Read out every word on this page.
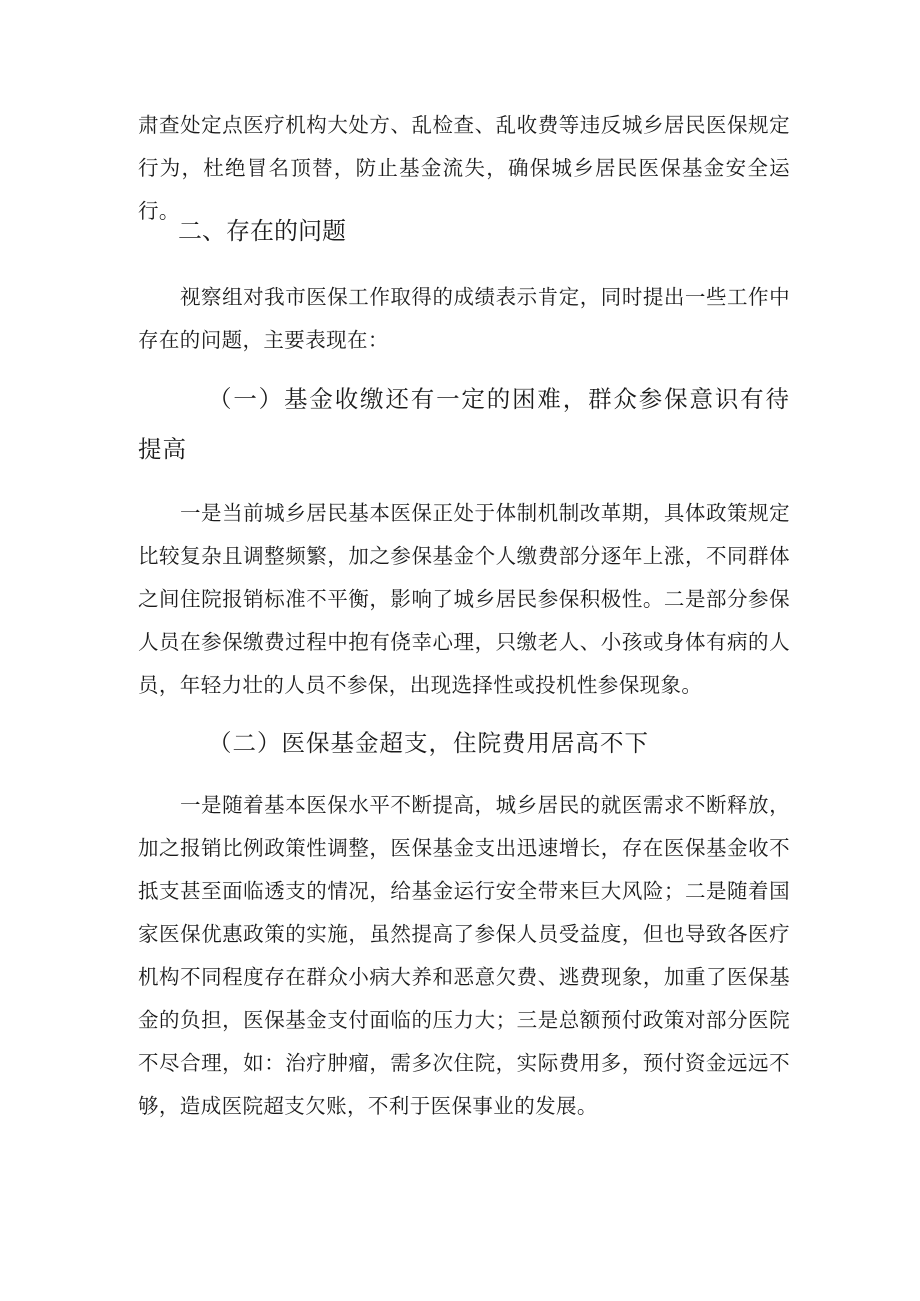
肃查处定点医疗机构大处方、乱检查、乱收费等违反城乡居民医保规定行为，杜绝冒名顶替，防止基金流失，确保城乡居民医保基金安全运行。

二、存在的问题

视察组对我市医保工作取得的成绩表示肯定，同时提出一些工作中存在的问题，主要表现在：

（一）基金收缴还有一定的困难，群众参保意识有待提高

一是当前城乡居民基本医保正处于体制机制改革期，具体政策规定比较复杂且调整频繁，加之参保基金个人缴费部分逐年上涨，不同群体之间住院报销标准不平衡，影响了城乡居民参保积极性。二是部分参保人员在参保缴费过程中抱有侥幸心理，只缴老人、小孩或身体有病的人员，年轻力壮的人员不参保，出现选择性或投机性参保现象。

（二）医保基金超支，住院费用居高不下

一是随着基本医保水平不断提高，城乡居民的就医需求不断释放，加之报销比例政策性调整，医保基金支出迅速增长，存在医保基金收不抵支甚至面临透支的情况，给基金运行安全带来巨大风险；二是随着国家医保优惠政策的实施，虽然提高了参保人员受益度，但也导致各医疗机构不同程度存在群众小病大养和恶意欠费、逃费现象，加重了医保基金的负担，医保基金支付面临的压力大；三是总额预付政策对部分医院不尽合理，如：治疗肿瘤，需多次住院，实际费用多，预付资金远远不够，造成医院超支欠账，不利于医保事业的发展。
